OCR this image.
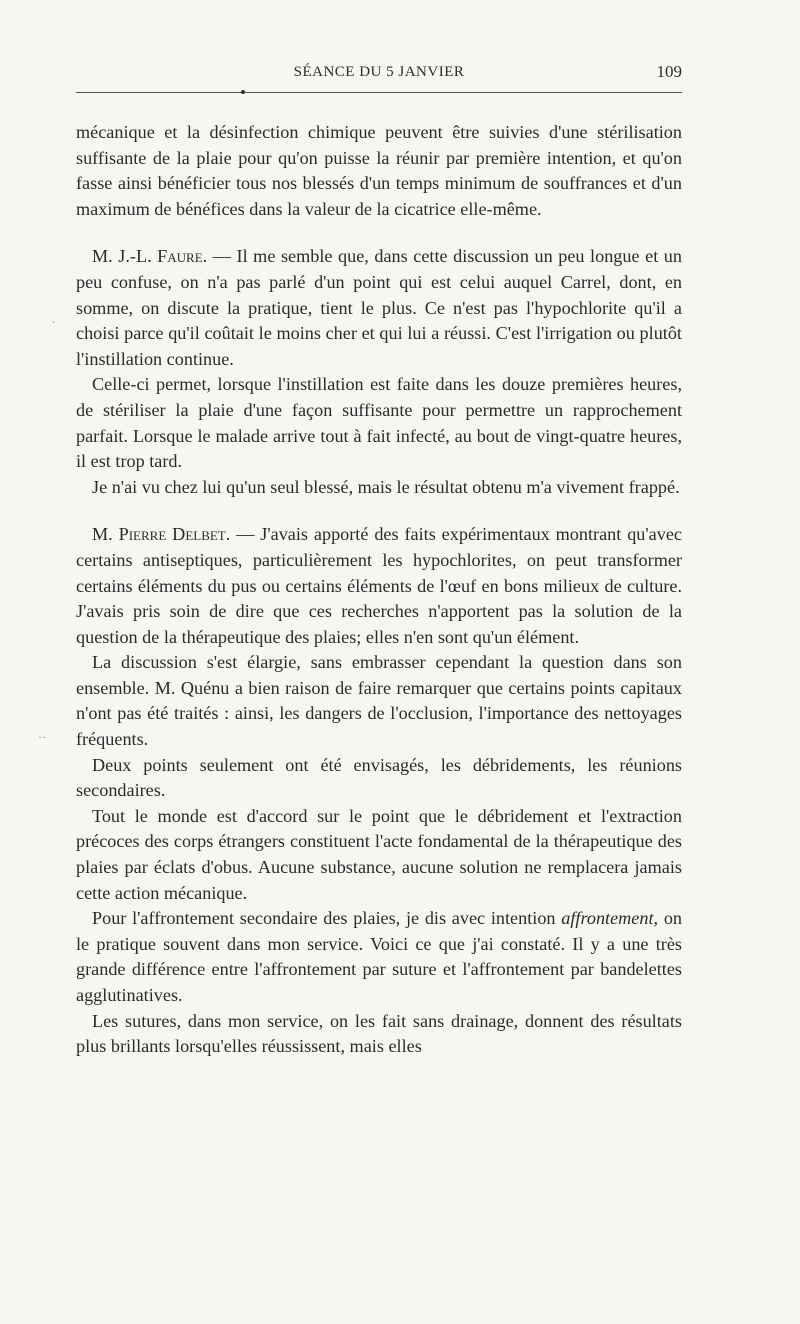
SÉANCE DU 5 JANVIER	109

mécanique et la désinfection chimique peuvent être suivies d'une stérilisation suffisante de la plaie pour qu'on puisse la réunir par première intention, et qu'on fasse ainsi bénéficier tous nos blessés d'un temps minimum de souffrances et d'un maximum de bénéfices dans la valeur de la cicatrice elle-même.

M. J.-L. Faure. — Il me semble que, dans cette discussion un peu longue et un peu confuse, on n'a pas parlé d'un point qui est celui auquel Carrel, dont, en somme, on discute la pratique, tient le plus. Ce n'est pas l'hypochlorite qu'il a choisi parce qu'il coûtait le moins cher et qui lui a réussi. C'est l'irrigation ou plutôt l'instillation continue.

Celle-ci permet, lorsque l'instillation est faite dans les douze premières heures, de stériliser la plaie d'une façon suffisante pour permettre un rapprochement parfait. Lorsque le malade arrive tout à fait infecté, au bout de vingt-quatre heures, il est trop tard.

Je n'ai vu chez lui qu'un seul blessé, mais le résultat obtenu m'a vivement frappé.

M. Pierre Delbet. — J'avais apporté des faits expérimentaux montrant qu'avec certains antiseptiques, particulièrement les hypochlorites, on peut transformer certains éléments du pus ou certains éléments de l'œuf en bons milieux de culture. J'avais pris soin de dire que ces recherches n'apportent pas la solution de la question de la thérapeutique des plaies; elles n'en sont qu'un élément.

La discussion s'est élargie, sans embrasser cependant la question dans son ensemble. M. Quénu a bien raison de faire remarquer que certains points capitaux n'ont pas été traités : ainsi, les dangers de l'occlusion, l'importance des nettoyages fréquents.

Deux points seulement ont été envisagés, les débridements, les réunions secondaires.

Tout le monde est d'accord sur le point que le débridement et l'extraction précoces des corps étrangers constituent l'acte fondamental de la thérapeutique des plaies par éclats d'obus. Aucune substance, aucune solution ne remplacera jamais cette action mécanique.

Pour l'affrontement secondaire des plaies, je dis avec intention affrontement, on le pratique souvent dans mon service. Voici ce que j'ai constaté. Il y a une très grande différence entre l'affrontement par suture et l'affrontement par bandelettes agglutinatives.

Les sutures, dans mon service, on les fait sans drainage, donnent des résultats plus brillants lorsqu'elles réussissent, mais elles

··
.
